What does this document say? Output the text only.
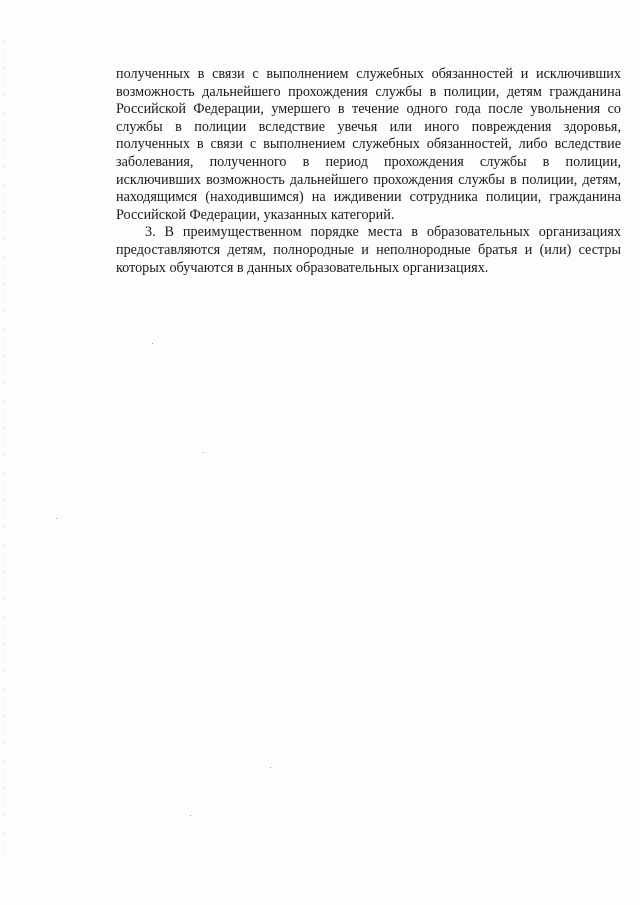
полученных в связи с выполнением служебных обязанностей и исключивших возможность дальнейшего прохождения службы в полиции, детям гражданина Российской Федерации, умершего в течение одного года после увольнения со службы в полиции вследствие увечья или иного повреждения здоровья, полученных в связи с выполнением служебных обязанностей, либо вследствие заболевания, полученного в период прохождения службы в полиции, исключивших возможность дальнейшего прохождения службы в полиции, детям, находящимся (находившимся) на иждивении сотрудника полиции, гражданина Российской Федерации, указанных категорий.

3. В преимущественном порядке места в образовательных организациях предоставляются детям, полнородные и неполнородные братья и (или) сестры которых обучаются в данных образовательных организациях.
